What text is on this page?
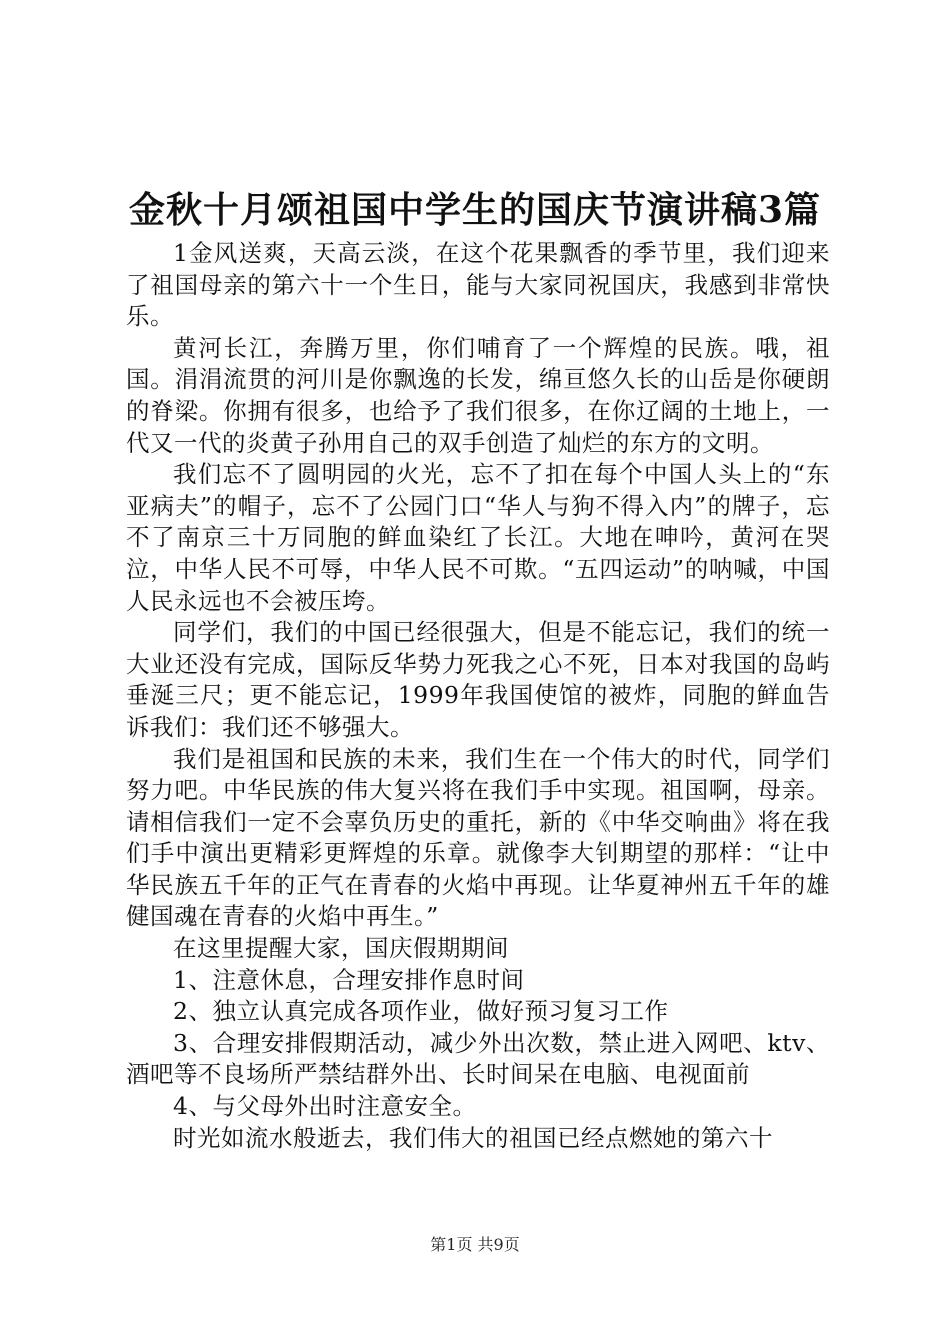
金秋十月颂祖国中学生的国庆节演讲稿3篇

1金风送爽，天高云淡，在这个花果飘香的季节里，我们迎来了祖国母亲的第六十一个生日，能与大家同祝国庆，我感到非常快乐。

黄河长江，奔腾万里，你们哺育了一个辉煌的民族。哦，祖国。涓涓流贯的河川是你飘逸的长发，绵亘悠久长的山岳是你硬朗的脊梁。你拥有很多，也给予了我们很多，在你辽阔的土地上，一代又一代的炎黄子孙用自己的双手创造了灿烂的东方的文明。

我们忘不了圆明园的火光，忘不了扣在每个中国人头上的“东亚病夫”的帽子，忘不了公园门口“华人与狗不得入内”的牌子，忘不了南京三十万同胞的鲜血染红了长江。大地在呻吟，黄河在哭泣，中华人民不可辱，中华人民不可欺。“五四运动”的呐喊，中国人民永远也不会被压垮。

同学们，我们的中国已经很强大，但是不能忘记，我们的统一大业还没有完成，国际反华势力死我之心不死，日本对我国的岛屿垂涎三尺；更不能忘记，1999年我国使馆的被炸，同胞的鲜血告诉我们：我们还不够强大。

我们是祖国和民族的未来，我们生在一个伟大的时代，同学们努力吧。中华民族的伟大复兴将在我们手中实现。祖国啊，母亲。请相信我们一定不会辜负历史的重托，新的《中华交响曲》将在我们手中演出更精彩更辉煌的乐章。就像李大钊期望的那样：“让中华民族五千年的正气在青春的火焰中再现。让华夏神州五千年的雄健国魂在青春的火焰中再生。”

在这里提醒大家，国庆假期期间

1、注意休息，合理安排作息时间

2、独立认真完成各项作业，做好预习复习工作

3、合理安排假期活动，减少外出次数，禁止进入网吧、ktv、酒吧等不良场所严禁结群外出、长时间呆在电脑、电视面前

4、与父母外出时注意安全。

时光如流水般逝去，我们伟大的祖国已经点燃她的第六十

第1页 共9页
